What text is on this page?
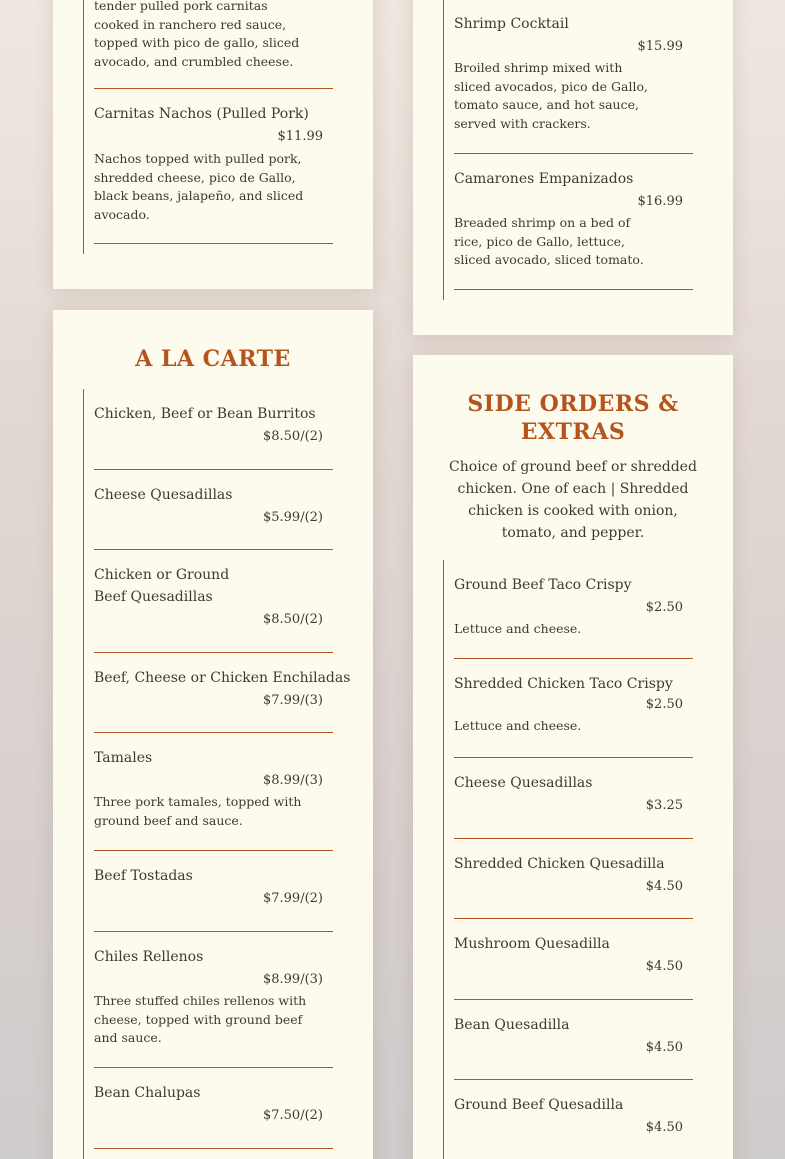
tender pulled pork carnitas cooked in ranchero red sauce, topped with pico de gallo, sliced avocado, and crumbled cheese.
Carnitas Nachos (Pulled Pork)
$11.99
Nachos topped with pulled pork, shredded cheese, pico de Gallo, black beans, jalapeño, and sliced avocado.
Shrimp Cocktail
$15.99
Broiled shrimp mixed with sliced avocados, pico de Gallo, tomato sauce, and hot sauce, served with crackers.
Camarones Empanizados
$16.99
Breaded shrimp on a bed of rice, pico de Gallo, lettuce, sliced avocado, sliced tomato.
A LA CARTE
Chicken, Beef or Bean Burritos
$8.50/(2)
Cheese Quesadillas
$5.99/(2)
Chicken or Ground Beef Quesadillas
$8.50/(2)
Beef, Cheese or Chicken Enchiladas
$7.99/(3)
Tamales
$8.99/(3)
Three pork tamales, topped with ground beef and sauce.
Beef Tostadas
$7.99/(2)
Chiles Rellenos
$8.99/(3)
Three stuffed chiles rellenos with cheese, topped with ground beef and sauce.
Bean Chalupas
$7.50/(2)
SIDE ORDERS &
EXTRAS
Choice of ground beef or shredded chicken. One of each | Shredded chicken is cooked with onion, tomato, and pepper.
Ground Beef Taco Crispy
$2.50
Lettuce and cheese.
Shredded Chicken Taco Crispy
$2.50
Lettuce and cheese.
Cheese Quesadillas
$3.25
Shredded Chicken Quesadilla
$4.50
Mushroom Quesadilla
$4.50
Bean Quesadilla
$4.50
Ground Beef Quesadilla
$4.50
